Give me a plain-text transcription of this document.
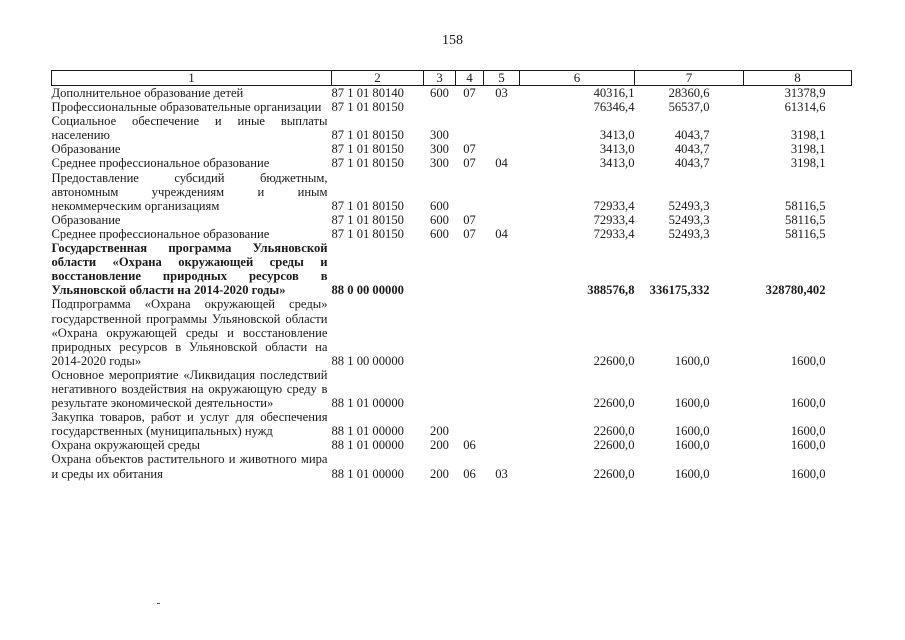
158
1	2	3	4	5	6	7	8
Дополнительное образование детей	87 1 01 80140	600	07	03	40316,1	28360,6	31378,9
Профессиональные образовательные организации	87 1 01 80150				76346,4	56537,0	61314,6
Социальное обеспечение и иные выплаты населению	87 1 01 80150	300			3413,0	4043,7	3198,1
Образование	87 1 01 80150	300	07		3413,0	4043,7	3198,1
Среднее профессиональное образование	87 1 01 80150	300	07	04	3413,0	4043,7	3198,1
Предоставление субсидий бюджетным, автономным учреждениям и иным некоммерческим организациям	87 1 01 80150	600			72933,4	52493,3	58116,5
Образование	87 1 01 80150	600	07		72933,4	52493,3	58116,5
Среднее профессиональное образование	87 1 01 80150	600	07	04	72933,4	52493,3	58116,5
Государственная программа Ульяновской области «Охрана окружающей среды и восстановление природных ресурсов в Ульяновской области на 2014-2020 годы»	88 0 00 00000				388576,8	336175,332	328780,402
Подпрограмма «Охрана окружающей среды» государственной программы Ульяновской области «Охрана окружающей среды и восстановление природных ресурсов в Ульяновской области на 2014-2020 годы»	88 1 00 00000				22600,0	1600,0	1600,0
Основное мероприятие «Ликвидация последствий негативного воздействия на окружающую среду в результате экономической деятельности»	88 1 01 00000				22600,0	1600,0	1600,0
Закупка товаров, работ и услуг для обеспечения государственных (муниципальных) нужд	88 1 01 00000	200			22600,0	1600,0	1600,0
Охрана окружающей среды	88 1 01 00000	200	06		22600,0	1600,0	1600,0
Охрана объектов растительного и животного мира и среды их обитания	88 1 01 00000	200	06	03	22600,0	1600,0	1600,0
